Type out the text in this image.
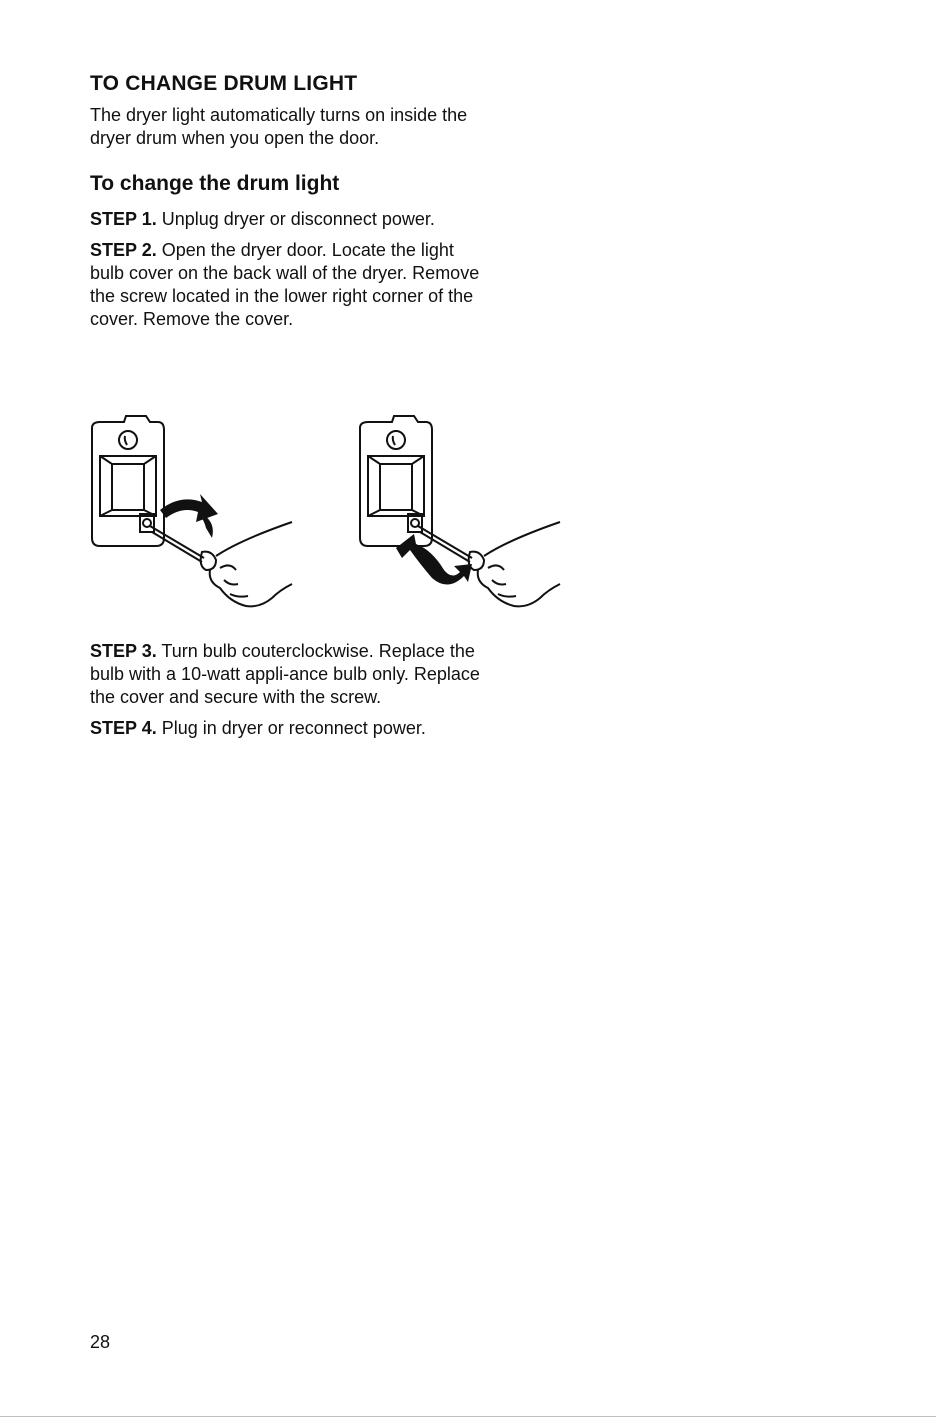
TO CHANGE DRUM LIGHT

The dryer light automatically turns on inside the dryer drum when you open the door.

To change the drum light

STEP 1. Unplug dryer or disconnect power.

STEP 2. Open the dryer door. Locate the light bulb cover on the back wall of the dryer. Remove the screw located in the lower right corner of the cover. Remove the cover.

STEP 3. Turn bulb couterclockwise. Replace the bulb with a 10-watt appli-ance bulb only. Replace the cover and secure with the screw.

STEP 4. Plug in dryer or reconnect power.

28
